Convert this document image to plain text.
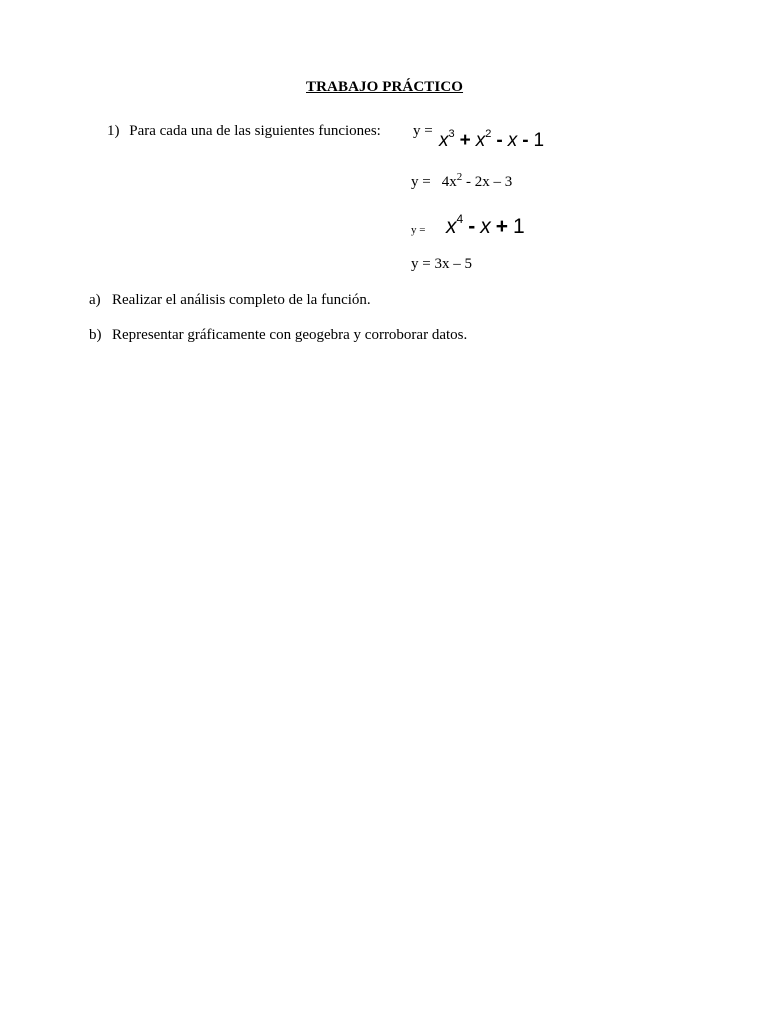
TRABAJO PRÁCTICO
1) Para cada una de las siguientes funciones: $y = x^3 + x^2 - x - 1$
$y = 4x^2 - 2x - 3$
$y = x^4 - x + 1$
y = 3x – 5
a) Realizar el análisis completo de la función.
b) Representar gráficamente con geogebra y corroborar datos.
